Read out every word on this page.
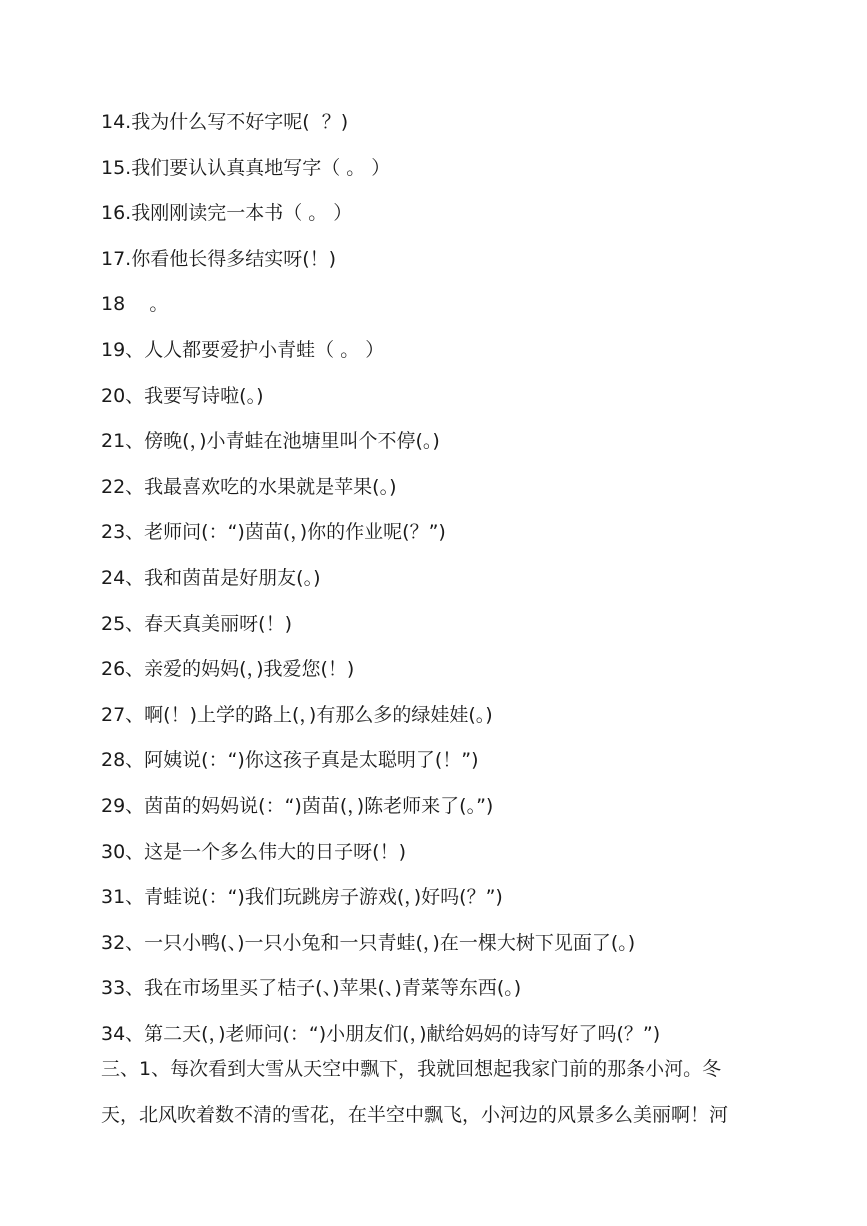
14.我为什么写不好字呢(  ？)
15.我们要认认真真地写字（ 。 ）
16.我刚刚读完一本书（ 。 ）
17.你看他长得多结实呀(！)
18    。
19、人人都要爱护小青蛙（ 。 ）
20、我要写诗啦(。)
21、傍晚(，)小青蛙在池塘里叫个不停(。)
22、我最喜欢吃的水果就是苹果(。)
23、老师问(：“)茵苗(，)你的作业呢(？”)
24、我和茵苗是好朋友(。)
25、春天真美丽呀(！)
26、亲爱的妈妈(，)我爱您(！)
27、啊(！)上学的路上(，)有那么多的绿娃娃(。)
28、阿姨说(：“)你这孩子真是太聪明了(！”)
29、茵苗的妈妈说(：“)茵苗(，)陈老师来了(。”)
30、这是一个多么伟大的日子呀(！)
31、青蛙说(：“)我们玩跳房子游戏(，)好吗(？”)
32、一只小鸭(、)一只小兔和一只青蛙(，)在一棵大树下见面了(。)
33、我在市场里买了桔子(、)苹果(、)青菜等东西(。)
34、第二天(，)老师问(：“)小朋友们(，)献给妈妈的诗写好了吗(？”)
三、1、每次看到大雪从天空中飘下，我就回想起我家门前的那条小河。冬
天，北风吹着数不清的雪花，在半空中飘飞，小河边的风景多么美丽啊！河
